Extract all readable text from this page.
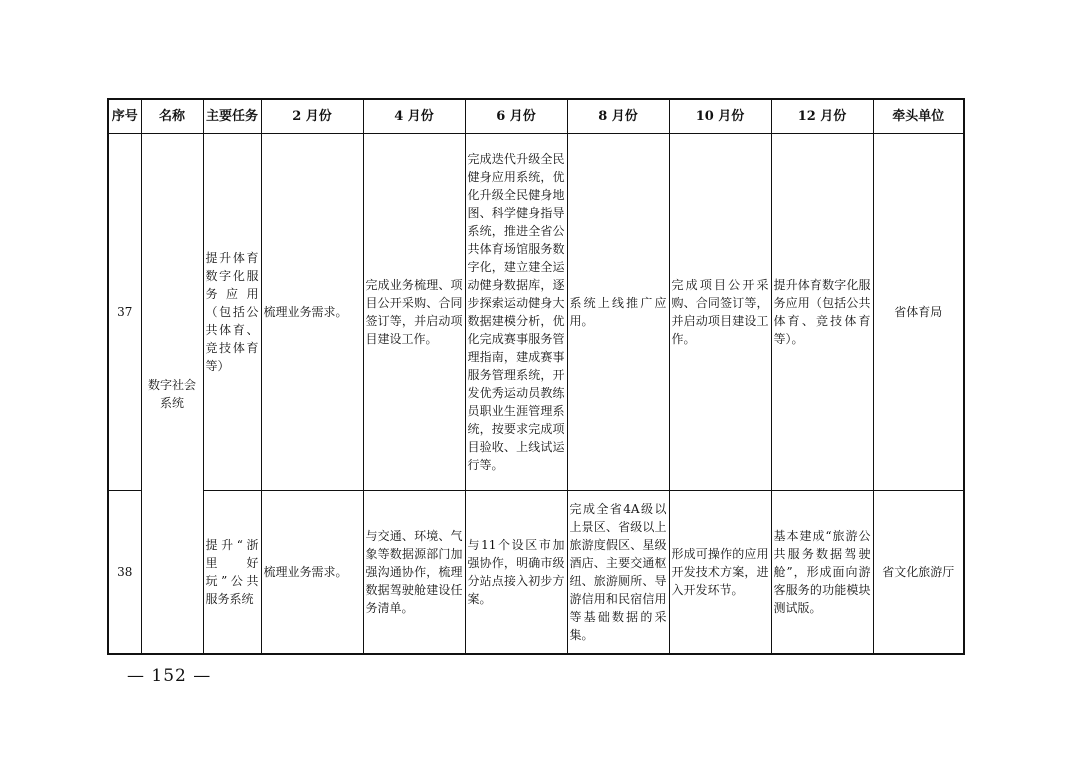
序号	名称	主要任务	2 月份	4 月份	6 月份	8 月份	10 月份	12 月份	牵头单位
37	数字社会系统	提升体育数字化服务应用（包括公共体育、竞技体育等）	梳理业务需求。	完成业务梳理、项目公开采购、合同签订等，并启动项目建设工作。	完成迭代升级全民健身应用系统，优化升级全民健身地图、科学健身指导系统，推进全省公共体育场馆服务数字化，建立建全运动健身数据库，逐步探索运动健身大数据建模分析，优化完成赛事服务管理指南，建成赛事服务管理系统，开发优秀运动员教练员职业生涯管理系统，按要求完成项目验收、上线试运行等。	系统上线推广应用。	完成项目公开采购、合同签订等，并启动项目建设工作。	提升体育数字化服务应用（包括公共体育、竞技体育等）。	省体育局
38		提升“浙里好玩”公共服务系统	梳理业务需求。	与交通、环境、气象等数据源部门加强沟通协作，梳理数据驾驶舱建设任务清单。	与11个设区市加强协作，明确市级分站点接入初步方案。	完成全省4A级以上景区、省级以上旅游度假区、星级酒店、主要交通枢纽、旅游厕所、导游信用和民宿信用等基础数据的采集。	形成可操作的应用开发技术方案，进入开发环节。	基本建成“旅游公共服务数据驾驶舱”，形成面向游客服务的功能模块测试版。	省文化旅游厅
— 152 —
